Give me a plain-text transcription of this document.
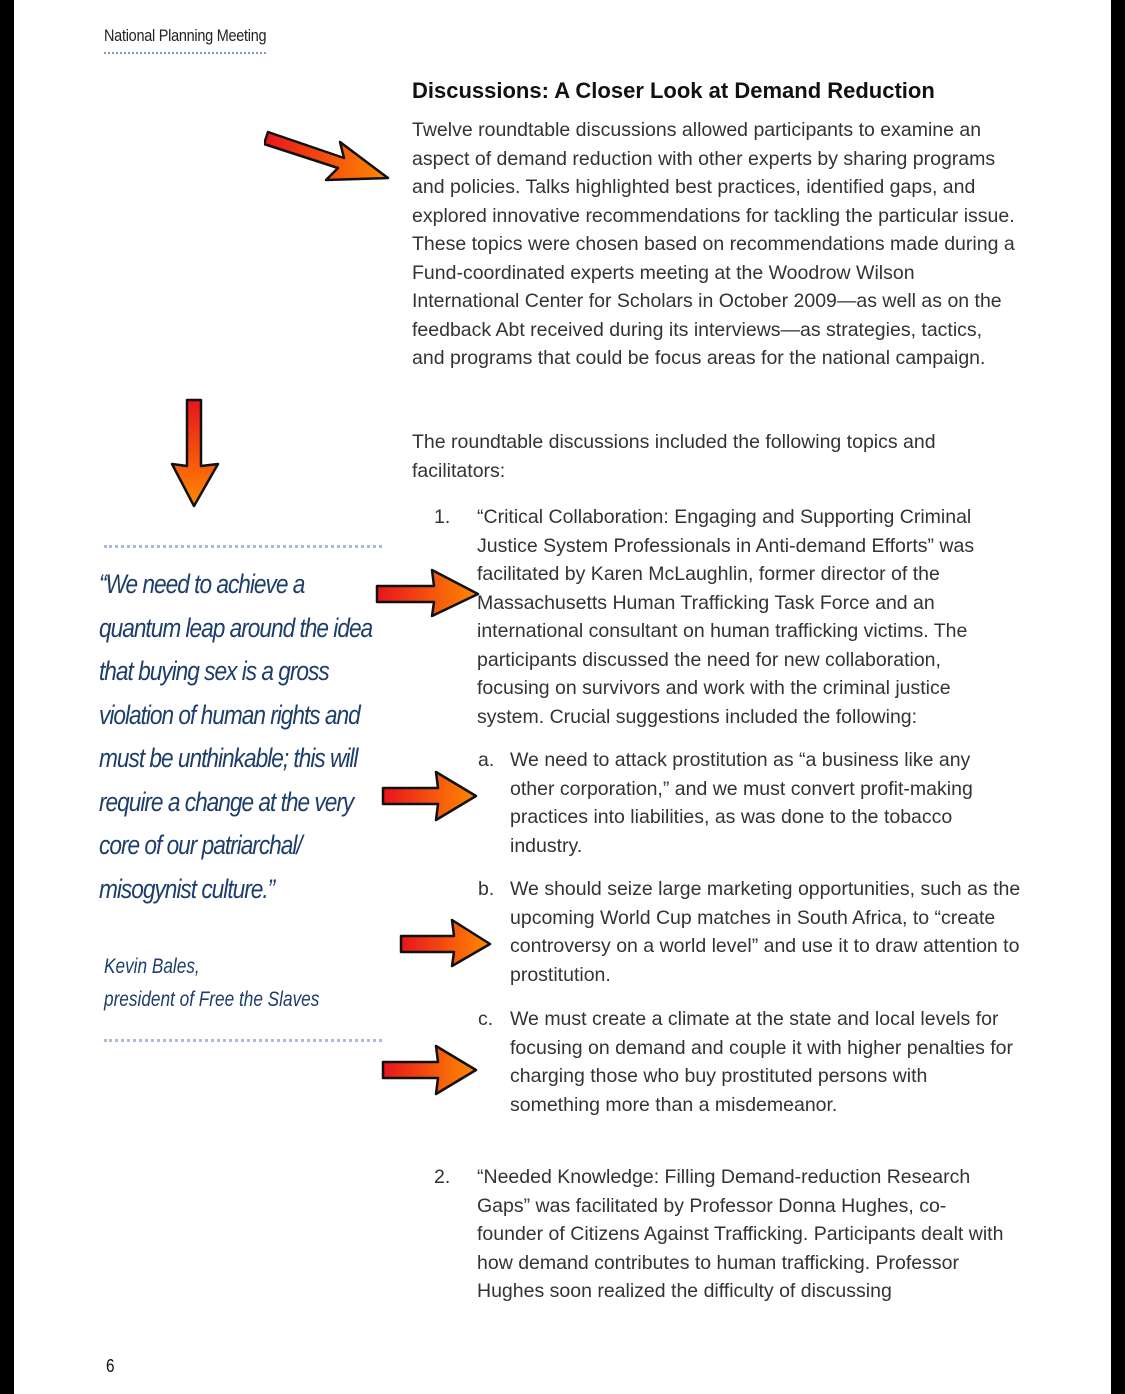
National Planning Meeting
“We need to achieve a quantum leap around the idea that buying sex is a gross violation of human rights and must be unthinkable; this will require a change at the very core of our patriarchal/ misogynist culture.”
Kevin Bales,
president of Free the Slaves
Discussions: A Closer Look at Demand Reduction
Twelve roundtable discussions allowed participants to examine an aspect of demand reduction with other experts by sharing programs and policies. Talks highlighted best practices, identified gaps, and explored innovative recommendations for tackling the particular issue. These topics were chosen based on recommendations made during a Fund-coordinated experts meeting at the Woodrow Wilson International Center for Scholars in October 2009—as well as on the feedback Abt received during its interviews—as strategies, tactics, and programs that could be focus areas for the national campaign.
The roundtable discussions included the following topics and facilitators:
1. “Critical Collaboration: Engaging and Supporting Criminal Justice System Professionals in Anti-demand Efforts” was facilitated by Karen McLaughlin, former director of the Massachusetts Human Trafficking Task Force and an international consultant on human trafficking victims. The participants discussed the need for new collaboration, focusing on survivors and work with the criminal justice system. Crucial suggestions included the following:
a. We need to attack prostitution as “a business like any other corporation,” and we must convert profit-making practices into liabilities, as was done to the tobacco industry.
b. We should seize large marketing opportunities, such as the upcoming World Cup matches in South Africa, to “create controversy on a world level” and use it to draw attention to prostitution.
c. We must create a climate at the state and local levels for focusing on demand and couple it with higher penalties for charging those who buy prostituted persons with something more than a misdemeanor.
2. “Needed Knowledge: Filling Demand-reduction Research Gaps” was facilitated by Professor Donna Hughes, co-founder of Citizens Against Trafficking. Participants dealt with how demand contributes to human trafficking. Professor Hughes soon realized the difficulty of discussing
6
